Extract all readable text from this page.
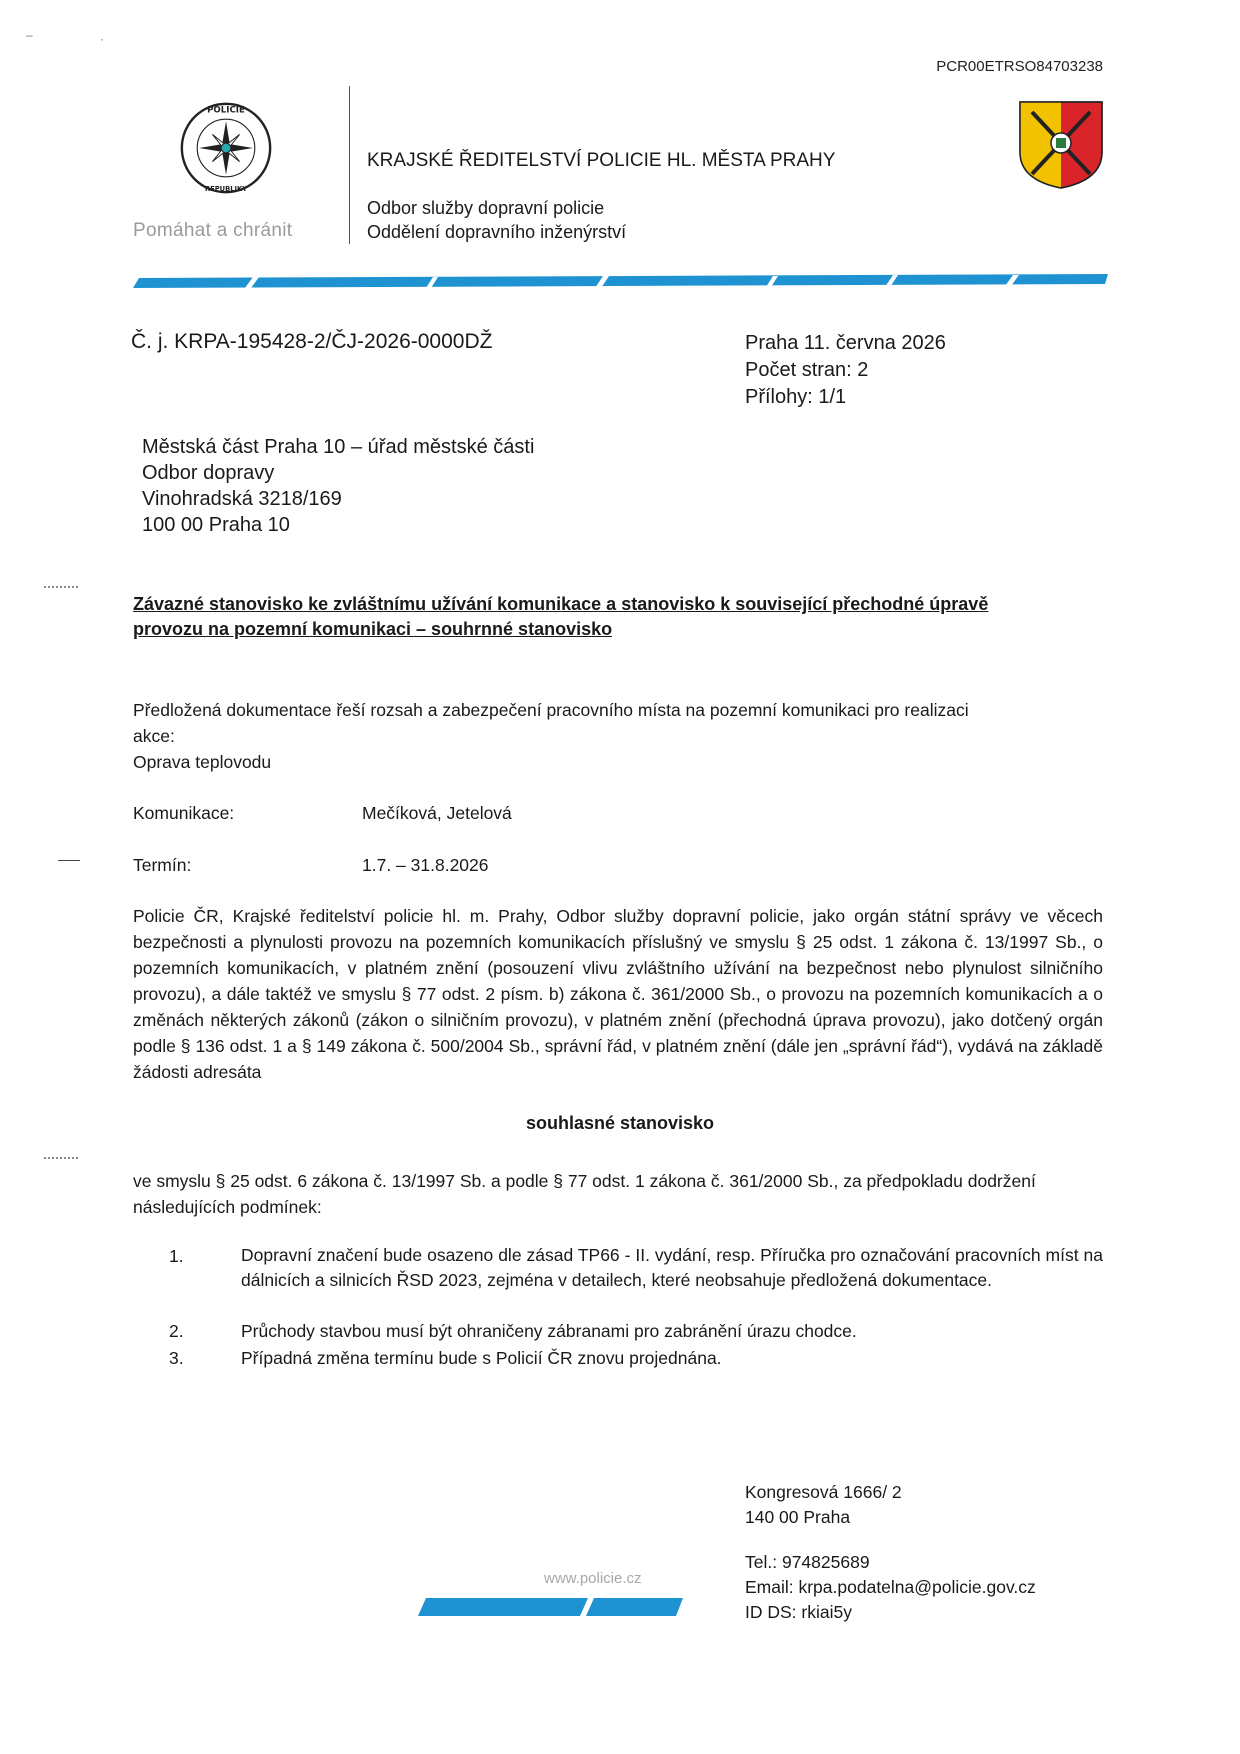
–	·
PCR00ETRSO84703238
POLICIE
REPUBLIKY
Pomáhat a chránit
KRAJSKÉ ŘEDITELSTVÍ POLICIE HL. MĚSTA PRAHY
Odbor služby dopravní policie
Oddělení dopravního inženýrství
Č. j. KRPA-195428-2/ČJ-2026-0000DŽ	Praha 11. června 2026
Počet stran: 2
Přílohy: 1/1
Městská část Praha 10 – úřad městské části
Odbor dopravy
Vinohradská 3218/169
100 00 Praha 10
Závazné stanovisko ke zvláštnímu užívání komunikace a stanovisko k související přechodné úpravě
provozu na pozemní komunikaci – souhrnné stanovisko
Předložená dokumentace řeší rozsah a zabezpečení pracovního místa na pozemní komunikaci pro realizaci
akce:
Oprava teplovodu
Komunikace:	Mečíková, Jetelová
Termín:	1.7. – 31.8.2026
Policie ČR, Krajské ředitelství policie hl. m. Prahy, Odbor služby dopravní policie, jako orgán státní správy ve věcech bezpečnosti a plynulosti provozu na pozemních komunikacích příslušný ve smyslu § 25 odst. 1 zákona č. 13/1997 Sb., o pozemních komunikacích, v platném znění (posouzení vlivu zvláštního užívání na bezpečnost nebo plynulost silničního provozu), a dále taktéž ve smyslu § 77 odst. 2 písm. b) zákona č. 361/2000 Sb., o provozu na pozemních komunikacích a o změnách některých zákonů (zákon o silničním provozu), v platném znění (přechodná úprava provozu), jako dotčený orgán podle § 136 odst. 1 a § 149 zákona č. 500/2004 Sb., správní řád, v platném znění (dále jen „správní řád“), vydává na základě žádosti adresáta
souhlasné stanovisko
ve smyslu § 25 odst. 6 zákona č. 13/1997 Sb. a podle § 77 odst. 1 zákona č. 361/2000 Sb., za předpokladu dodržení následujících podmínek:
1.	Dopravní značení bude osazeno dle zásad TP66 - II. vydání, resp. Příručka pro označování pracovních míst na dálnicích a silnicích ŘSD 2023, zejména v detailech, které neobsahuje předložená dokumentace.
2.	Průchody stavbou musí být ohraničeny zábranami pro zabránění úrazu chodce.
3.	Případná změna termínu bude s Policií ČR znovu projednána.
Kongresová 1666/ 2
140 00 Praha
Tel.: 974825689
Email: krpa.podatelna@policie.gov.cz
ID DS: rkiai5y
www.policie.cz
